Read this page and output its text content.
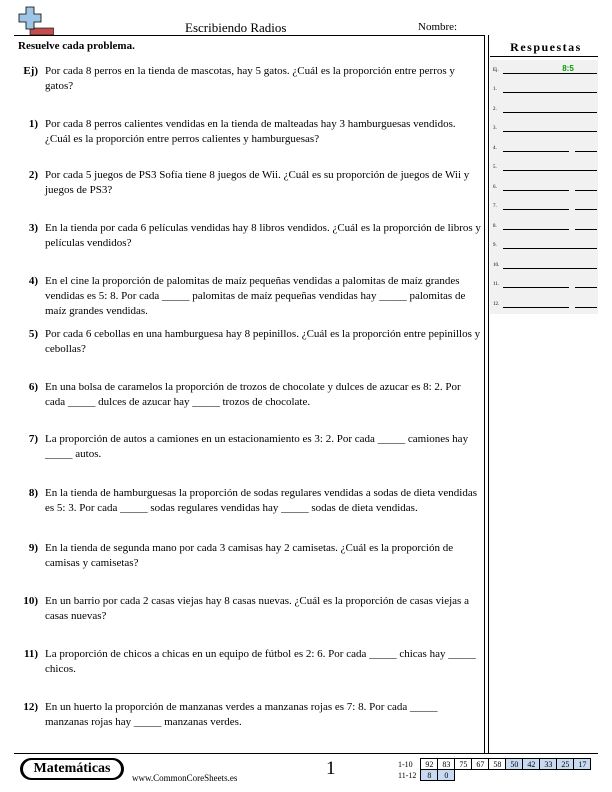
Escribiendo Radios	Nombre:
Resuelve cada problema.	Respuestas
Ej.	8:5
1.
2.
3.
4.
5.
6.
7.
8.
9.
10.
11.
12.
Ej) Por cada 8 perros en la tienda de mascotas, hay 5 gatos. ¿Cuál es la proporción entre perros y gatos?
1) Por cada 8 perros calientes vendidas en la tienda de malteadas hay 3 hamburguesas vendidos. ¿Cuál es la proporción entre perros calientes y hamburguesas?
2) Por cada 5 juegos de PS3 Sofía tiene 8 juegos de Wii. ¿Cuál es su proporción de juegos de Wii y juegos de PS3?
3) En la tienda por cada 6 películas vendidas hay 8 libros vendidos. ¿Cuál es la proporción de libros y películas vendidos?
4) En el cine la proporción de palomitas de maíz pequeñas vendidas a palomitas de maíz grandes vendidas es 5: 8. Por cada _____ palomitas de maíz pequeñas vendidas hay _____ palomitas de maíz grandes vendidas.
5) Por cada 6 cebollas en una hamburguesa hay 8 pepinillos. ¿Cuál es la proporción entre pepinillos y cebollas?
6) En una bolsa de caramelos la proporción de trozos de chocolate y dulces de azucar es 8: 2. Por cada _____ dulces de azucar hay _____ trozos de chocolate.
7) La proporción de autos a camiones en un estacionamiento es 3: 2. Por cada _____ camiones hay _____ autos.
8) En la tienda de hamburguesas la proporción de sodas regulares vendidas a sodas de dieta vendidas es 5: 3. Por cada _____ sodas regulares vendidas hay _____ sodas de dieta vendidas.
9) En la tienda de segunda mano por cada 3 camisas hay 2 camisetas. ¿Cuál es la proporción de camisas y camisetas?
10) En un barrio por cada 2 casas viejas hay 8 casas nuevas. ¿Cuál es la proporción de casas viejas a casas nuevas?
11) La proporción de chicos a chicas en un equipo de fútbol es 2: 6. Por cada _____ chicas hay _____ chicos.
12) En un huerto la proporción de manzanas verdes a manzanas rojas es 7: 8. Por cada _____ manzanas rojas hay _____ manzanas verdes.
Matemáticas
www.CommonCoreSheets.es	1	1-10	92	83	75	67	58	50	42	33	25	17
11-12	8	0								
